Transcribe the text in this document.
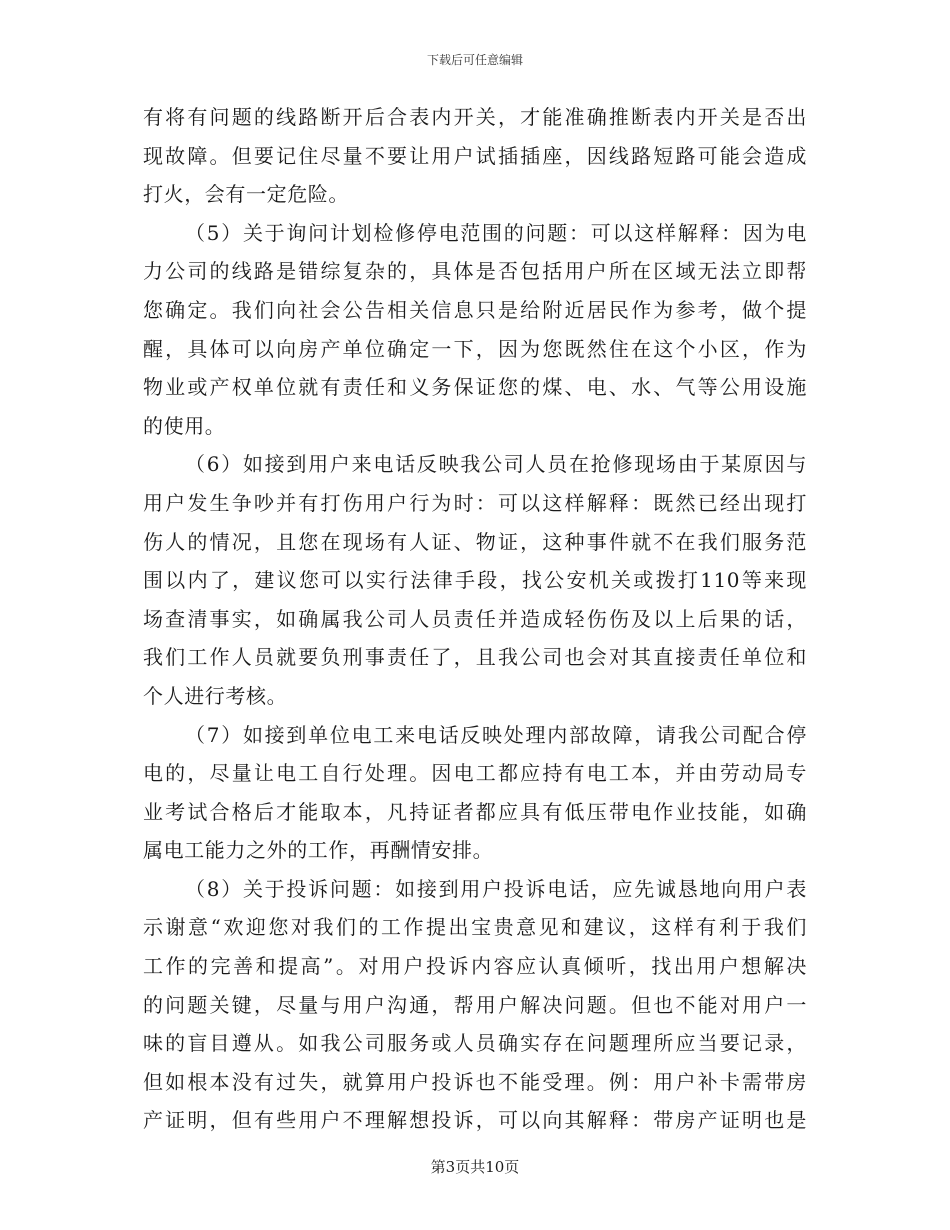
下载后可任意编辑
有将有问题的线路断开后合表内开关，才能准确推断表内开关是否出
现故障。但要记住尽量不要让用户试插插座，因线路短路可能会造成
打火，会有一定危险。
（5）关于询问计划检修停电范围的问题：可以这样解释：因为电
力公司的线路是错综复杂的，具体是否包括用户所在区域无法立即帮
您确定。我们向社会公告相关信息只是给附近居民作为参考，做个提
醒，具体可以向房产单位确定一下，因为您既然住在这个小区，作为
物业或产权单位就有责任和义务保证您的煤、电、水、气等公用设施
的使用。
（6）如接到用户来电话反映我公司人员在抢修现场由于某原因与
用户发生争吵并有打伤用户行为时：可以这样解释：既然已经出现打
伤人的情况，且您在现场有人证、物证，这种事件就不在我们服务范
围以内了，建议您可以实行法律手段，找公安机关或拨打110等来现
场查清事实，如确属我公司人员责任并造成轻伤伤及以上后果的话，
我们工作人员就要负刑事责任了，且我公司也会对其直接责任单位和
个人进行考核。
（7）如接到单位电工来电话反映处理内部故障，请我公司配合停
电的，尽量让电工自行处理。因电工都应持有电工本，并由劳动局专
业考试合格后才能取本，凡持证者都应具有低压带电作业技能，如确
属电工能力之外的工作，再酬情安排。
（8）关于投诉问题：如接到用户投诉电话，应先诚恳地向用户表
示谢意“欢迎您对我们的工作提出宝贵意见和建议，这样有利于我们
工作的完善和提高”。对用户投诉内容应认真倾听，找出用户想解决
的问题关键，尽量与用户沟通，帮用户解决问题。但也不能对用户一
味的盲目遵从。如我公司服务或人员确实存在问题理所应当要记录，
但如根本没有过失，就算用户投诉也不能受理。例：用户补卡需带房
产证明，但有些用户不理解想投诉，可以向其解释：带房产证明也是
第3页共10页
